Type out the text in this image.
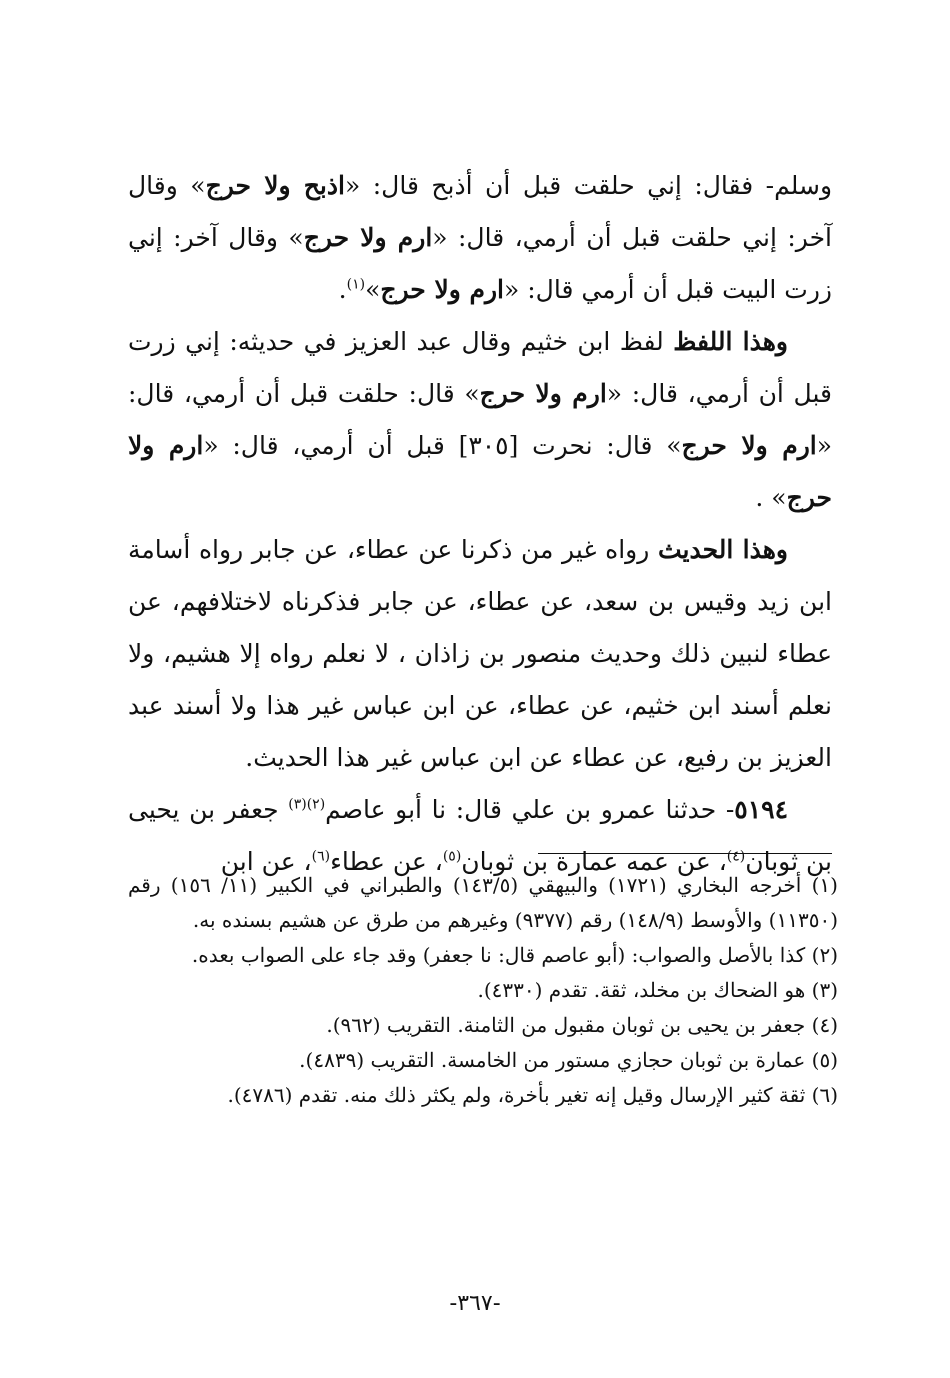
وسلم- فقال: إني حلقت قبل أن أذبح قال: «اذبح ولا حرج» وقال آخر: إني حلقت قبل أن أرمي، قال: «ارم ولا حرج» وقال آخر: إني زرت البيت قبل أن أرمي قال: «ارم ولا حرج»$^{(١)}$.

وهذا اللفظ لفظ ابن خثيم وقال عبد العزيز في حديثه: إني زرت قبل أن أرمي، قال: «ارم ولا حرج» قال: حلقت قبل أن أرمي، قال: «ارم ولا حرج» قال: نحرت [٣٠٥] قبل أن أرمي، قال: «ارم ولا حرج» .

وهذا الحديث رواه غير من ذكرنا عن عطاء، عن جابر رواه أسامة ابن زيد وقيس بن سعد، عن عطاء، عن جابر فذكرناه لاختلافهم، عن عطاء لنبين ذلك وحديث منصور بن زاذان ، لا نعلم رواه إلا هشيم، ولا نعلم أسند ابن خثيم، عن عطاء، عن ابن عباس غير هذا ولا أسند عبد العزيز بن رفيع، عن عطاء عن ابن عباس غير هذا الحديث.

٥١٩٤- حدثنا عمرو بن علي قال: نا أبو عاصم$^{(٢)(٣)}$ جعفر بن يحيى بن ثوبان$^{(٤)}$، عن عمه عمارة بن ثوبان$^{(٥)}$، عن عطاء$^{(٦)}$، عن ابن

(١) أخرجه البخاري (١٧٢١) والبيهقي (١٤٣/٥) والطبراني في الكبير (١١/ ١٥٦) رقم (١١٣٥٠) والأوسط (١٤٨/٩) رقم (٩٣٧٧) وغيرهم من طرق عن هشيم بسنده به.

(٢) كذا بالأصل والصواب: (أبو عاصم قال: نا جعفر) وقد جاء على الصواب بعده.

(٣) هو الضحاك بن مخلد، ثقة. تقدم (٤٣٣٠).

(٤) جعفر بن يحيى بن ثوبان مقبول من الثامنة. التقريب (٩٦٢).

(٥) عمارة بن ثوبان حجازي مستور من الخامسة. التقريب (٤٨٣٩).

(٦) ثقة كثير الإرسال وقيل إنه تغير بأخرة، ولم يكثر ذلك منه. تقدم (٤٧٨٦).

-٣٦٧-
